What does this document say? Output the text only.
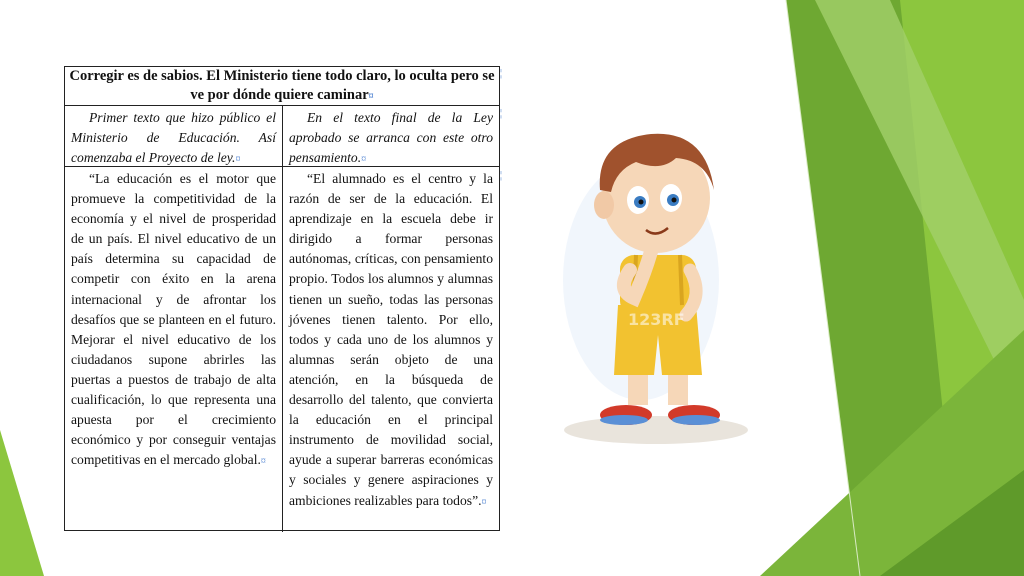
Corregir es de sabios. El Ministerio tiene todo claro, lo oculta pero se ve por dónde quiere caminar¤
Primer texto que hizo público el Ministerio de Educación. Así comenzaba el Proyecto de ley.¤
En el texto final de la Ley aprobado se arranca con este otro pensamiento.¤
“La educación es el motor que promueve la competitividad de la economía y el nivel de prosperidad de un país. El nivel educativo de un país determina su capacidad de competir con éxito en la arena internacional y de afrontar los desafíos que se planteen en el futuro. Mejorar el nivel educativo de los ciudadanos supone abrirles las puertas a puestos de trabajo de alta cualificación, lo que representa una apuesta por el crecimiento económico y por conseguir ventajas competitivas en el mercado global.¤
“El alumnado es el centro y la razón de ser de la educación. El aprendizaje en la escuela debe ir dirigido a formar personas autónomas, críticas, con pensamiento propio. Todos los alumnos y alumnas tienen un sueño, todas las personas jóvenes tienen talento. Por ello, todos y cada uno de los alumnos y alumnas serán objeto de una atención, en la búsqueda de desarrollo del talento, que convierta la educación en el principal instrumento de movilidad social, ayude a superar barreras económicas y sociales y genere aspiraciones y ambiciones realizables para todos”.¤
¦
¦
¦
123RF
